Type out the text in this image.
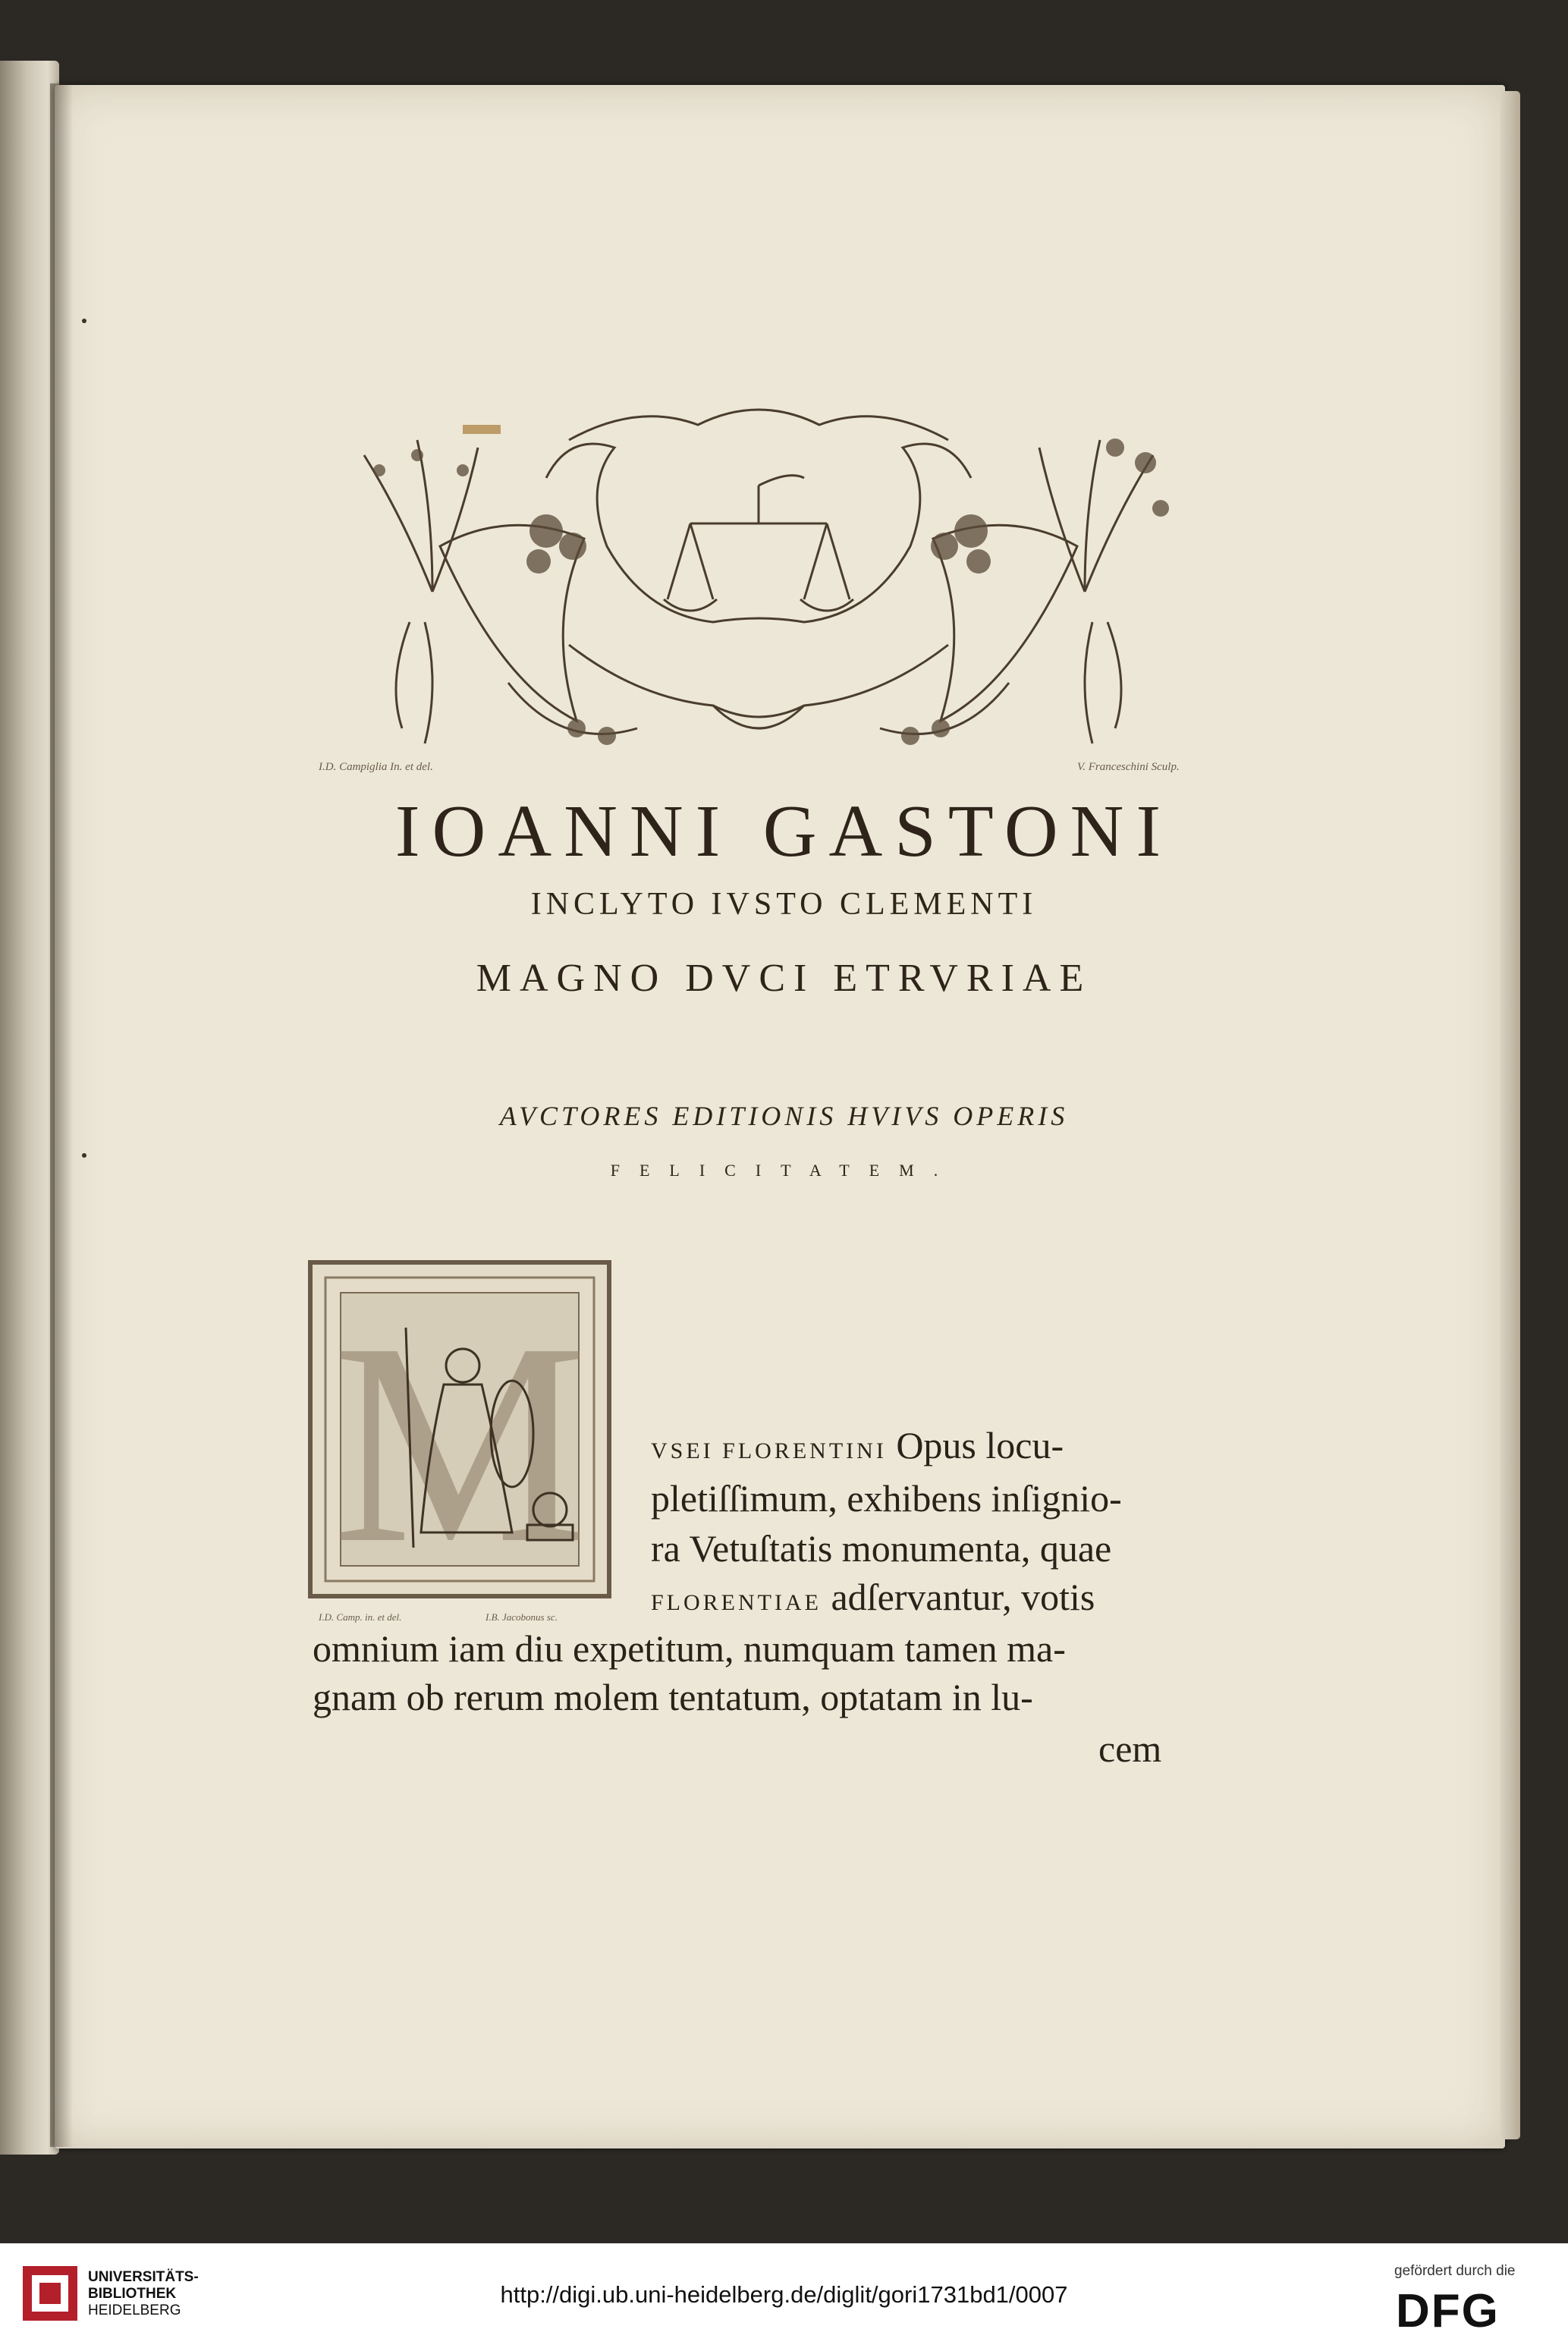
I.D. Campiglia In. et del.	V. Franceschini Sculp.
IOANNI GASTONI
INCLYTO IVSTO CLEMENTI
MAGNO DVCI ETRVRIAE
AVCTORES EDITIONIS HVIVS OPERIS
FELICITATEM.
M
I.D. Camp. in. et del.	I.B. Jacobonus sc.
VSEI FLORENTINI Opus locu-
pletiſſimum, exhibens inſignio-
ra Vetuſtatis monumenta, quae
FLORENTIAE adſervantur, votis
omnium iam diu expetitum, numquam tamen ma-
gnam ob rerum molem tentatum, optatam in lu-
cem
UNIVERSITÄTS-
BIBLIOTHEK
HEIDELBERG
http://digi.ub.uni-heidelberg.de/diglit/gori1731bd1/0007
gefördert durch die
DFG
